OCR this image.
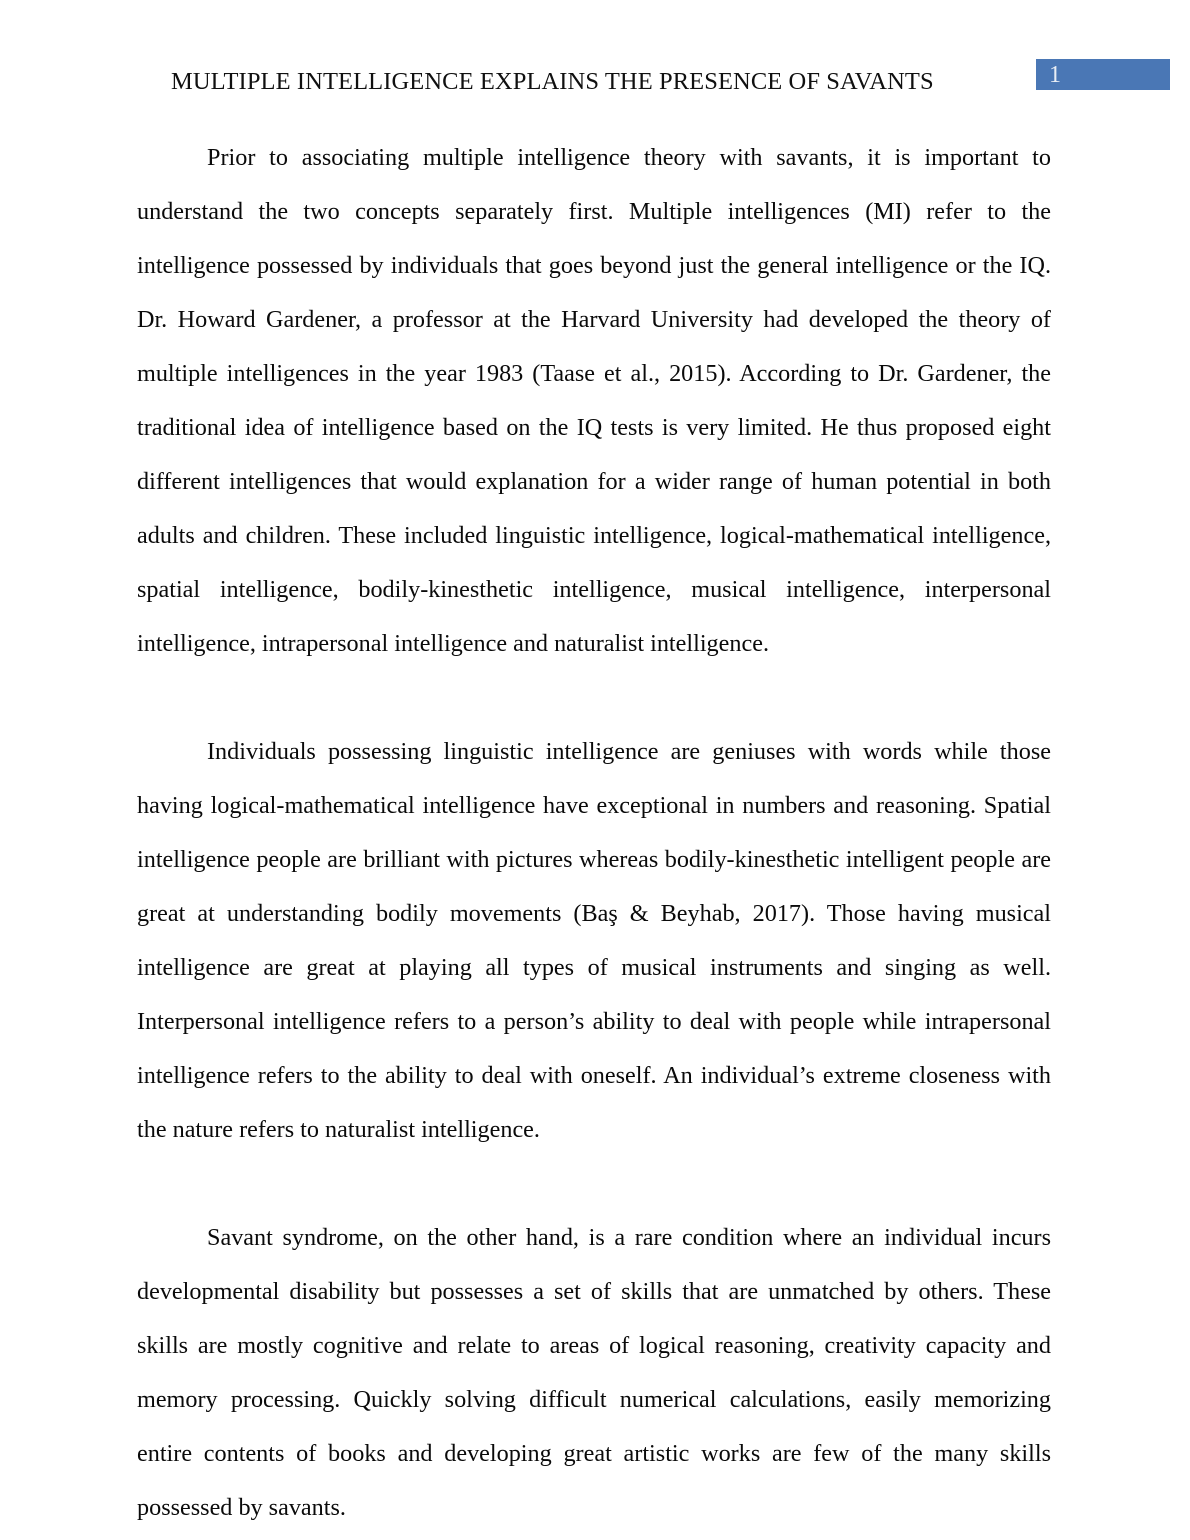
MULTIPLE INTELLIGENCE EXPLAINS THE PRESENCE OF SAVANTS	1

Prior to associating multiple intelligence theory with savants, it is important to understand the two concepts separately first. Multiple intelligences (MI) refer to the intelligence possessed by individuals that goes beyond just the general intelligence or the IQ. Dr. Howard Gardener, a professor at the Harvard University had developed the theory of multiple intelligences in the year 1983 (Taase et al., 2015). According to Dr. Gardener, the traditional idea of intelligence based on the IQ tests is very limited. He thus proposed eight different intelligences that would explanation for a wider range of human potential in both adults and children. These included linguistic intelligence, logical-mathematical intelligence, spatial intelligence, bodily-kinesthetic intelligence, musical intelligence, interpersonal intelligence, intrapersonal intelligence and naturalist intelligence.

Individuals possessing linguistic intelligence are geniuses with words while those having logical-mathematical intelligence have exceptional in numbers and reasoning. Spatial intelligence people are brilliant with pictures whereas bodily-kinesthetic intelligent people are great at understanding bodily movements (Baş & Beyhab, 2017). Those having musical intelligence are great at playing all types of musical instruments and singing as well. Interpersonal intelligence refers to a person’s ability to deal with people while intrapersonal intelligence refers to the ability to deal with oneself. An individual’s extreme closeness with the nature refers to naturalist intelligence.

Savant syndrome, on the other hand, is a rare condition where an individual incurs developmental disability but possesses a set of skills that are unmatched by others. These skills are mostly cognitive and relate to areas of logical reasoning, creativity capacity and memory processing. Quickly solving difficult numerical calculations, easily memorizing entire contents of books and developing great artistic works are few of the many skills possessed by savants.
